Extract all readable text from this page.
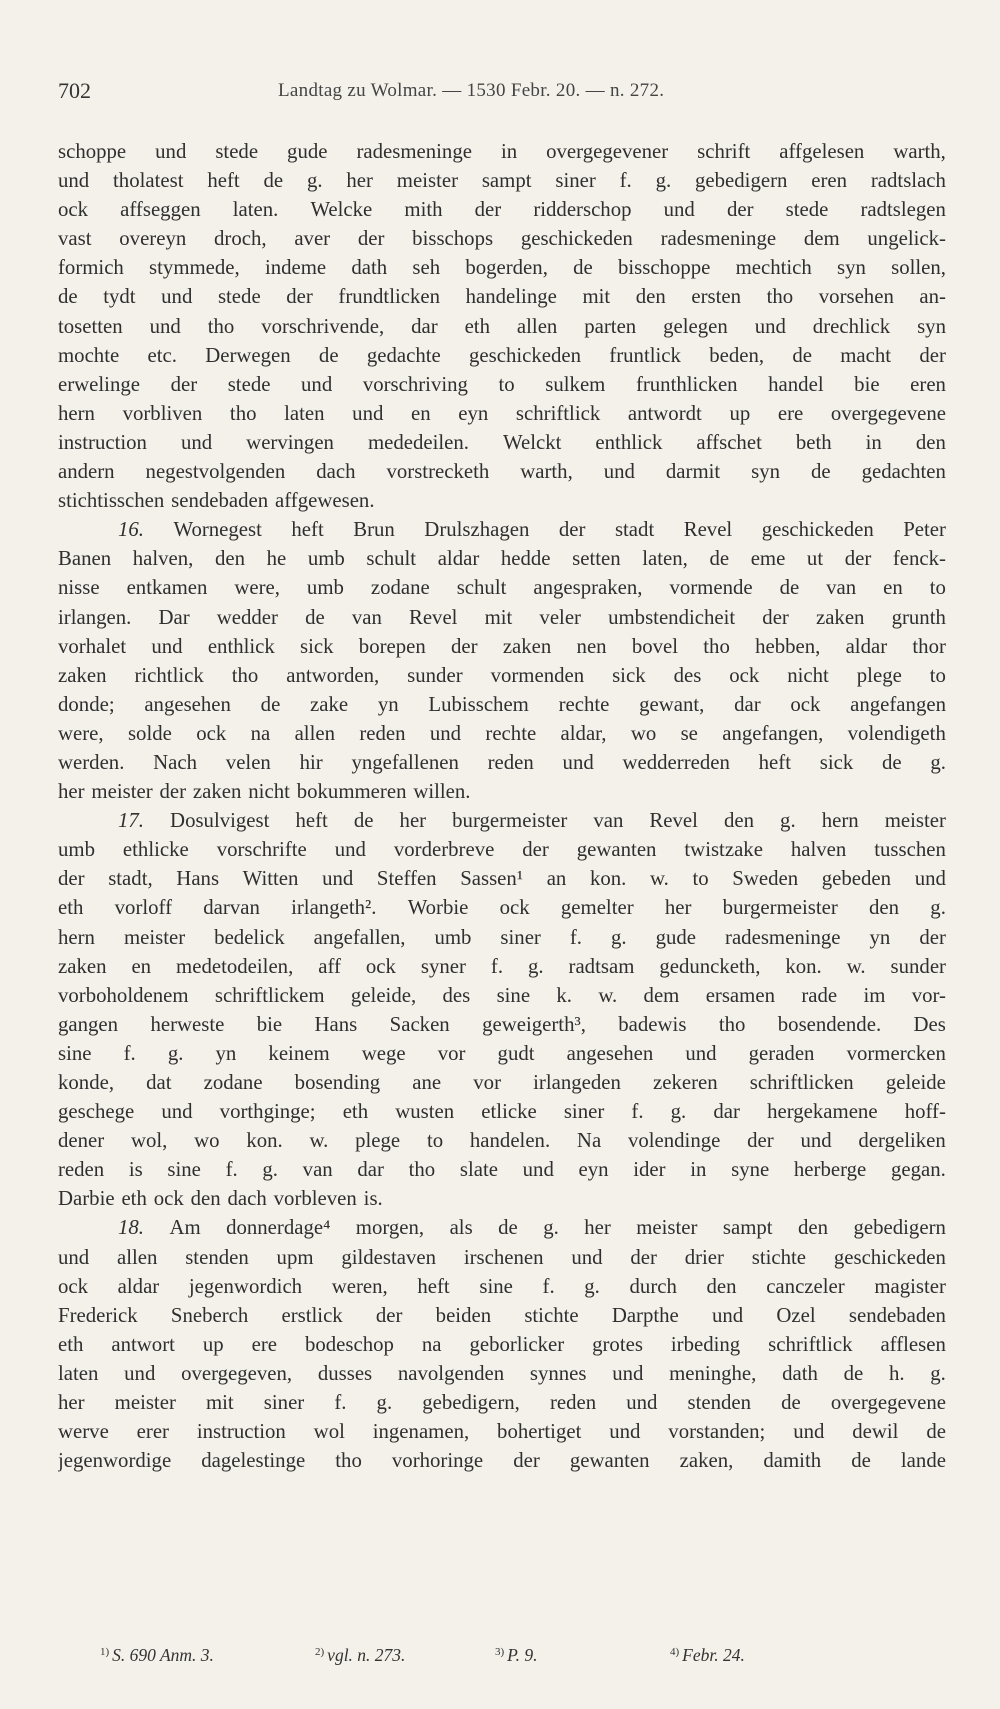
702	Landtag zu Wolmar. — 1530 Febr. 20. — n. 272.
schoppe und stede gude radesmeninge in overgegevener schrift affgelesen warth,
und tholatest heft de g. her meister sampt siner f. g. gebedigern eren radtslach
ock affseggen laten. Welcke mith der ridderschop und der stede radtslegen
vast overeyn droch, aver der bisschops geschickeden radesmeninge dem ungelick-
formich stymmede, indeme dath seh bogerden, de bisschoppe mechtich syn sollen,
de tydt und stede der frundtlicken handelinge mit den ersten tho vorsehen an-
tosetten und tho vorschrivende, dar eth allen parten gelegen und drechlick syn
mochte etc. Derwegen de gedachte geschickeden fruntlick beden, de macht der
erwelinge der stede und vorschriving to sulkem frunthlicken handel bie eren
hern vorbliven tho laten und en eyn schriftlick antwordt up ere overgegevene
instruction und wervingen mededeilen. Welckt enthlick affschet beth in den
andern negestvolgenden dach vorstrecketh warth, und darmit syn de gedachten
stichtisschen sendebaden affgewesen.
16. Wornegest heft Brun Drulszhagen der stadt Revel geschickeden Peter
Banen halven, den he umb schult aldar hedde setten laten, de eme ut der fenck-
nisse entkamen were, umb zodane schult angespraken, vormende de van en to
irlangen. Dar wedder de van Revel mit veler umbstendicheit der zaken grunth
vorhalet und enthlick sick borepen der zaken nen bovel tho hebben, aldar thor
zaken richtlick tho antworden, sunder vormenden sick des ock nicht plege to
donde; angesehen de zake yn Lubisschem rechte gewant, dar ock angefangen
were, solde ock na allen reden und rechte aldar, wo se angefangen, volendigeth
werden. Nach velen hir yngefallenen reden und wedderreden heft sick de g.
her meister der zaken nicht bokummeren willen.
17. Dosulvigest heft de her burgermeister van Revel den g. hern meister
umb ethlicke vorschrifte und vorderbreve der gewanten twistzake halven tusschen
der stadt, Hans Witten und Steffen Sassen¹ an kon. w. to Sweden gebeden und
eth vorloff darvan irlangeth². Worbie ock gemelter her burgermeister den g.
hern meister bedelick angefallen, umb siner f. g. gude radesmeninge yn der
zaken en medetodeilen, aff ock syner f. g. radtsam geduncketh, kon. w. sunder
vorboholdenem schriftlickem geleide, des sine k. w. dem ersamen rade im vor-
gangen herweste bie Hans Sacken geweigerth³, badewis tho bosendende. Des
sine f. g. yn keinem wege vor gudt angesehen und geraden vormercken
konde, dat zodane bosending ane vor irlangeden zekeren schriftlicken geleide
geschege und vorthginge; eth wusten etlicke siner f. g. dar hergekamene hoff-
dener wol, wo kon. w. plege to handelen. Na volendinge der und dergeliken
reden is sine f. g. van dar tho slate und eyn ider in syne herberge gegan.
Darbie eth ock den dach vorbleven is.
18. Am donnerdage⁴ morgen, als de g. her meister sampt den gebedigern
und allen stenden upm gildestaven irschenen und der drier stichte geschickeden
ock aldar jegenwordich weren, heft sine f. g. durch den canczeler magister
Frederick Sneberch erstlick der beiden stichte Darpthe und Ozel sendebaden
eth antwort up ere bodeschop na geborlicker grotes irbeding schriftlick afflesen
laten und overgegeven, dusses navolgenden synnes und meninghe, dath de h. g.
her meister mit siner f. g. gebedigern, reden und stenden de overgegevene
werve erer instruction wol ingenamen, bohertiget und vorstanden; und dewil de
jegenwordige dagelestinge tho vorhoringe der gewanten zaken, damith de lande
$^{1)}$ S. 690 Anm. 3.	$^{2)}$ vgl. n. 273.	$^{3)}$ P. 9.	$^{4)}$ Febr. 24.
